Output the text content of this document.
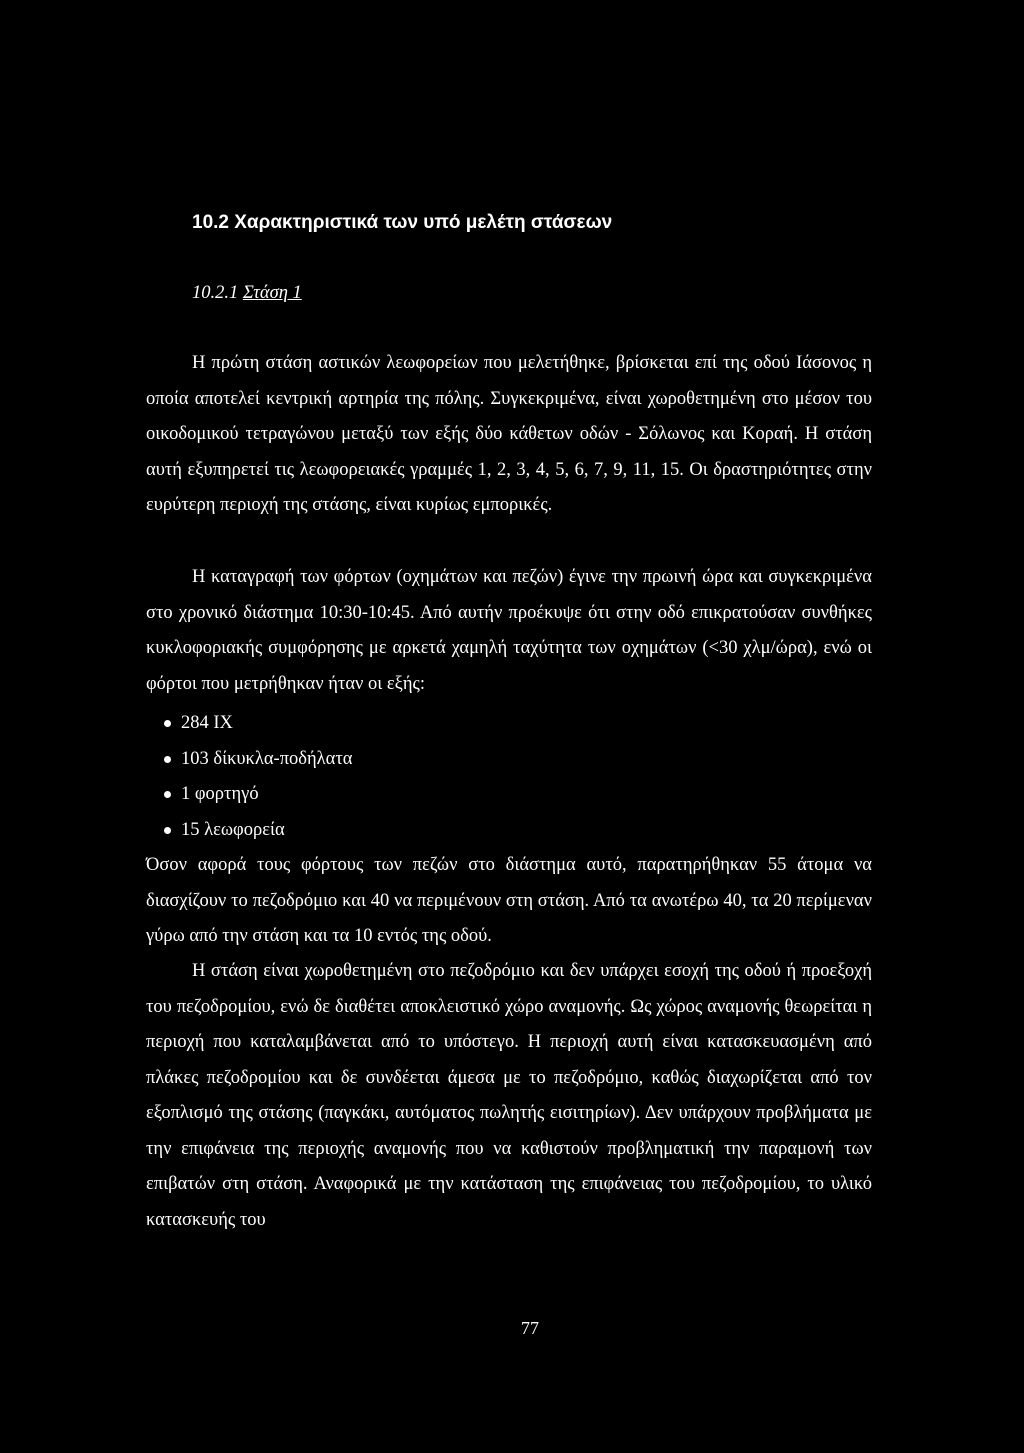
10.2 Χαρακτηριστικά των υπό μελέτη στάσεων
10.2.1 Στάση 1

Η πρώτη στάση αστικών λεωφορείων που μελετήθηκε, βρίσκεται επί της οδού Ιάσονος η οποία αποτελεί κεντρική αρτηρία της πόλης. Συγκεκριμένα, είναι χωροθετημένη στο μέσον του οικοδομικού τετραγώνου μεταξύ των εξής δύο κάθετων οδών - Σόλωνος και Κοραή. Η στάση αυτή εξυπηρετεί τις λεωφορειακές γραμμές 1, 2, 3, 4, 5, 6, 7, 9, 11, 15. Οι δραστηριότητες στην ευρύτερη περιοχή της στάσης, είναι κυρίως εμπορικές.

Η καταγραφή των φόρτων (οχημάτων και πεζών) έγινε την πρωινή ώρα και συγκεκριμένα στο χρονικό διάστημα 10:30-10:45. Από αυτήν προέκυψε ότι στην οδό επικρατούσαν συνθήκες κυκλοφοριακής συμφόρησης με αρκετά χαμηλή ταχύτητα των οχημάτων (<30 χλμ/ώρα), ενώ οι φόρτοι που μετρήθηκαν ήταν οι εξής:

284 ΙΧ
103 δίκυκλα-ποδήλατα
1 φορτηγό
15 λεωφορεία

Όσον αφορά τους φόρτους των πεζών στο διάστημα αυτό, παρατηρήθηκαν 55 άτομα να διασχίζουν το πεζοδρόμιο και 40 να περιμένουν στη στάση. Από τα ανωτέρω 40, τα 20 περίμεναν γύρω από την στάση και τα 10 εντός της οδού.

Η στάση είναι χωροθετημένη στο πεζοδρόμιο και δεν υπάρχει εσοχή της οδού ή προεξοχή του πεζοδρομίου, ενώ δε διαθέτει αποκλειστικό χώρο αναμονής. Ως χώρος αναμονής θεωρείται η περιοχή που καταλαμβάνεται από το υπόστεγο. Η περιοχή αυτή είναι κατασκευασμένη από πλάκες πεζοδρομίου και δε συνδέεται άμεσα με το πεζοδρόμιο, καθώς διαχωρίζεται από τον εξοπλισμό της στάσης (παγκάκι, αυτόματος πωλητής εισιτηρίων). Δεν υπάρχουν προβλήματα με την επιφάνεια της περιοχής αναμονής που να καθιστούν προβληματική την παραμονή των επιβατών στη στάση. Αναφορικά με την κατάσταση της επιφάνειας του πεζοδρομίου, το υλικό κατασκευής του

77
